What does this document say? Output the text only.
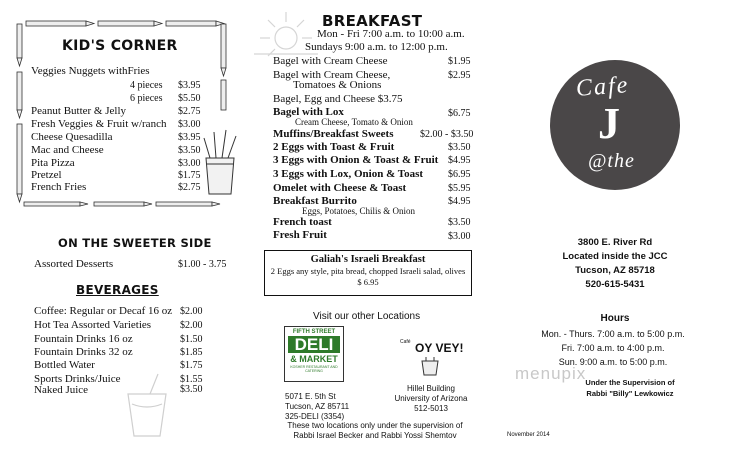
KID'S CORNER
Veggies Nuggets withFries
4 pieces $3.95
6 pieces $5.50
Peanut Butter & Jelly	$2.75
Fresh Veggies & Fruit w/ranch $3.00
Cheese Quesadilla	$3.95
Mac and Cheese	$3.50
Pita Pizza	$3.00
Pretzel	$1.75
French Fries	$2.75
ON THE SWEETER SIDE
Assorted Desserts	$1.00 - 3.75
BEVERAGES
Coffee: Regular or Decaf 16 oz $2.00
Hot Tea Assorted Varieties	$2.00
Fountain Drinks 16 oz	$1.50
Fountain Drinks 32 oz	$1.85
Bottled Water	$1.75
Sports Drinks/Juice	$1.55
Naked Juice	$3.50
BREAKFAST
Mon - Fri 7:00 a.m. to 10:00 a.m.
Sundays 9:00 a.m. to 12:00 p.m.
Bagel with Cream Cheese	$1.95
Bagel with Cream Cheese,	$2.95
Tomatoes & Onions
Bagel, Egg and Cheese $3.75
Bagel with Lox	$6.75
Cream Cheese, Tomato & Onion
Muffins/Breakfast Sweets	$2.00 - $3.50
2 Eggs with Toast & Fruit	$3.50
3 Eggs with Onion & Toast & Fruit $4.95
3 Eggs with Lox, Onion & Toast $6.95
Omelet with Cheese & Toast	$5.95
Breakfast Burrito	$4.95
Eggs, Potatoes, Chilis & Onion
French toast	$3.50
Fresh Fruit	$3.00
Galiah's Israeli Breakfast
2 Eggs any style, pita bread, chopped Israeli salad, olives
$ 6.95
Visit our other Locations
FIFTH STREET
DELI
& MARKET
KOSHER RESTAURANT AND CATERING
5071 E. 5th St
Tucson, AZ 85711
325-DELI (3354)
$^{Café}$ OY VEY!
Hillel Building
University of Arizona
512-5013
These two locations only under the supervision of
Rabbi Israel Becker and Rabbi Yossi Shemtov
Cafe
J
@the
3800 E. River Rd
Located inside the JCC
Tucson, AZ 85718
520-615-5431
Hours
Mon. - Thurs. 7:00 a.m. to 5:00 p.m.
Fri. 7:00 a.m. to 4:00 p.m.
Sun. 9:00 a.m. to 5:00 p.m.
menupix Under the Supervision of
Rabbi "Billy" Lewkowicz
November 2014
